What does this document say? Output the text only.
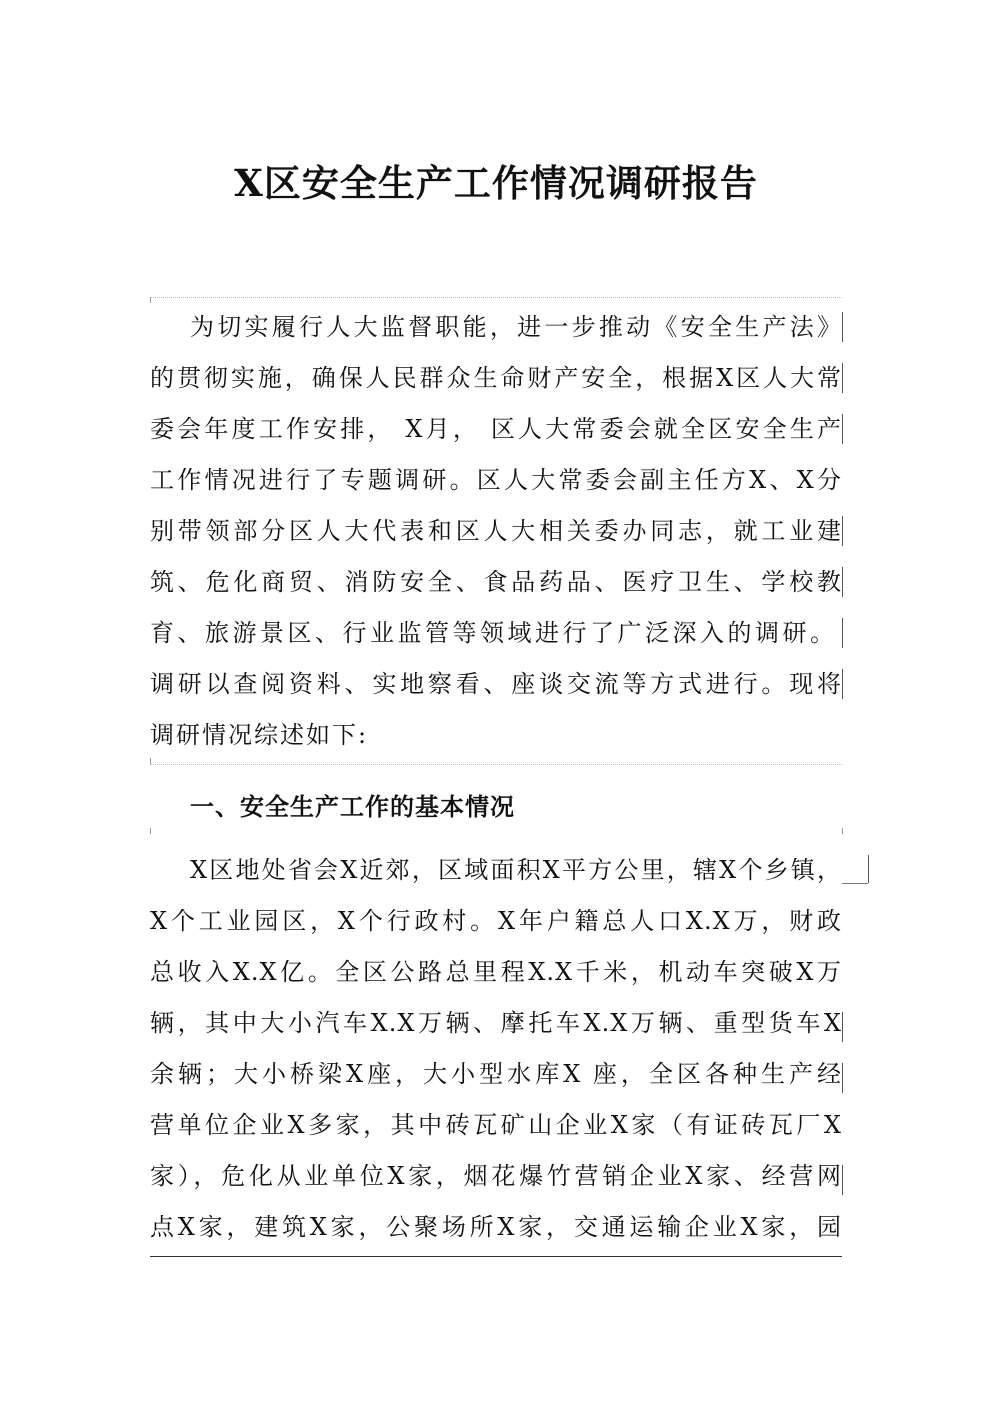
X区安全生产工作情况调研报告
为切实履行人大监督职能，进一步推动《安全生产法》
的贯彻实施，确保人民群众生命财产安全，根据X区人大常
委会年度工作安排， X月， 区人大常委会就全区安全生产
工作情况进行了专题调研。区人大常委会副主任方X、X分
别带领部分区人大代表和区人大相关委办同志，就工业建
筑、危化商贸、消防安全、食品药品、医疗卫生、学校教
育、旅游景区、行业监管等领域进行了广泛深入的调研。
调研以查阅资料、实地察看、座谈交流等方式进行。现将
调研情况综述如下:
一、安全生产工作的基本情况
X区地处省会X近郊，区域面积X平方公里，辖X个乡镇，
X个工业园区，X个行政村。X年户籍总人口X.X万，财政
总收入X.X亿。全区公路总里程X.X千米，机动车突破X万
辆，其中大小汽车X.X万辆、摩托车X.X万辆、重型货车X
余辆；大小桥梁X座，大小型水库X 座，全区各种生产经
营单位企业X多家，其中砖瓦矿山企业X家（有证砖瓦厂X
家），危化从业单位X家，烟花爆竹营销企业X家、经营网
点X家，建筑X家，公聚场所X家，交通运输企业X家，园
